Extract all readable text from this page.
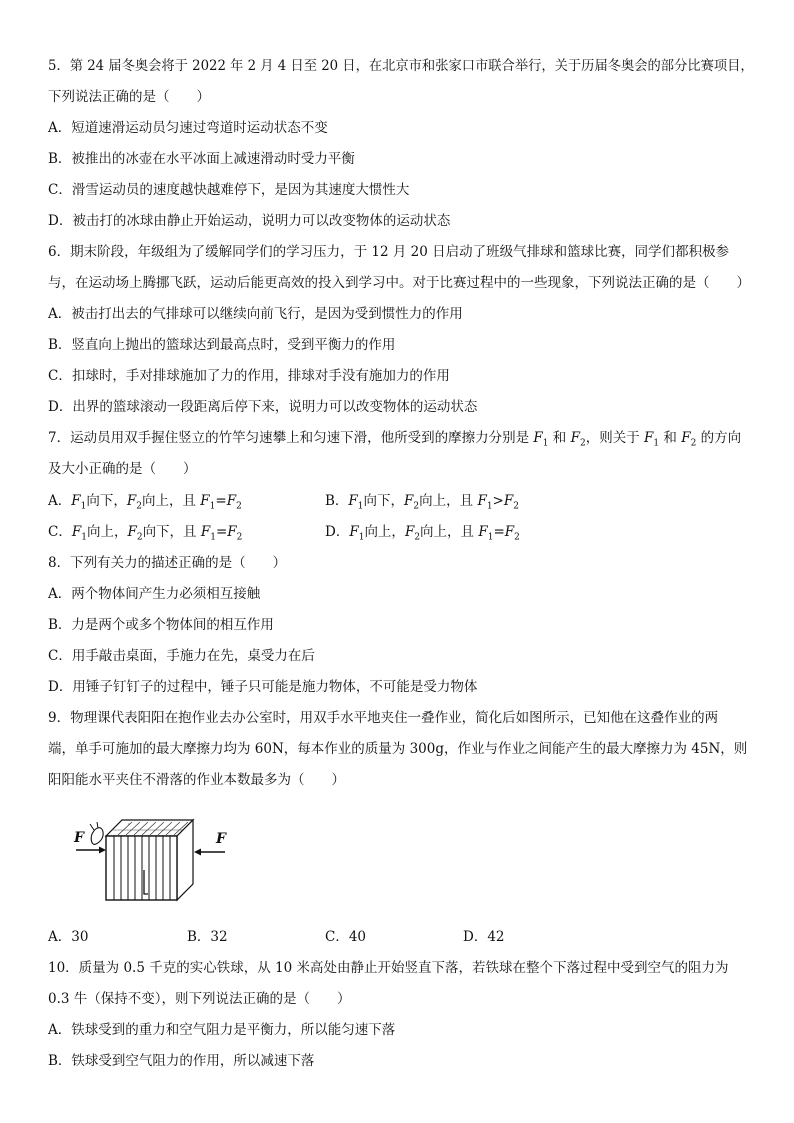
5．第 24 届冬奥会将于 2022 年 2 月 4 日至 20 日，在北京市和张家口市联合举行，关于历届冬奥会的部分比赛项目，
下列说法正确的是（　　）
A．短道速滑运动员匀速过弯道时运动状态不变
B．被推出的冰壶在水平冰面上减速滑动时受力平衡
C．滑雪运动员的速度越快越难停下，是因为其速度大惯性大
D．被击打的冰球由静止开始运动，说明力可以改变物体的运动状态
6．期末阶段，年级组为了缓解同学们的学习压力，于 12 月 20 日启动了班级气排球和篮球比赛，同学们都积极参
与，在运动场上腾挪飞跃，运动后能更高效的投入到学习中。对于比赛过程中的一些现象，下列说法正确的是（　　）
A．被击打出去的气排球可以继续向前飞行，是因为受到惯性力的作用
B．竖直向上抛出的篮球达到最高点时，受到平衡力的作用
C．扣球时，手对排球施加了力的作用，排球对手没有施加力的作用
D．出界的篮球滚动一段距离后停下来，说明力可以改变物体的运动状态
7．运动员用双手握住竖立的竹竿匀速攀上和匀速下滑，他所受到的摩擦力分别是 $F_1$ 和 $F_2$，则关于 $F_1$ 和 $F_2$ 的方向
及大小正确的是（　　）
A．$F_1$向下，$F_2$向上，且 $F_1=F_2$	B．$F_1$向下，$F_2$向上，且 $F_1>F_2$
C．$F_1$向上，$F_2$向下，且 $F_1=F_2$	D．$F_1$向上，$F_2$向上，且 $F_1=F_2$
8．下列有关力的描述正确的是（　　）
A．两个物体间产生力必须相互接触
B．力是两个或多个物体间的相互作用
C．用手敲击桌面，手施力在先，桌受力在后
D．用锤子钉钉子的过程中，锤子只可能是施力物体，不可能是受力物体
9．物理课代表阳阳在抱作业去办公室时，用双手水平地夹住一叠作业，简化后如图所示，已知他在这叠作业的两
端，单手可施加的最大摩擦力均为 60N，每本作业的质量为 300g，作业与作业之间能产生的最大摩擦力为 45N，则
阳阳能水平夹住不滑落的作业本数最多为（　　）
F	F
A．30	B．32	C．40	D．42
10．质量为 0.5 千克的实心铁球，从 10 米高处由静止开始竖直下落，若铁球在整个下落过程中受到空气的阻力为
0.3 牛（保持不变），则下列说法正确的是（　　）
A．铁球受到的重力和空气阻力是平衡力，所以能匀速下落
B．铁球受到空气阻力的作用，所以减速下落
